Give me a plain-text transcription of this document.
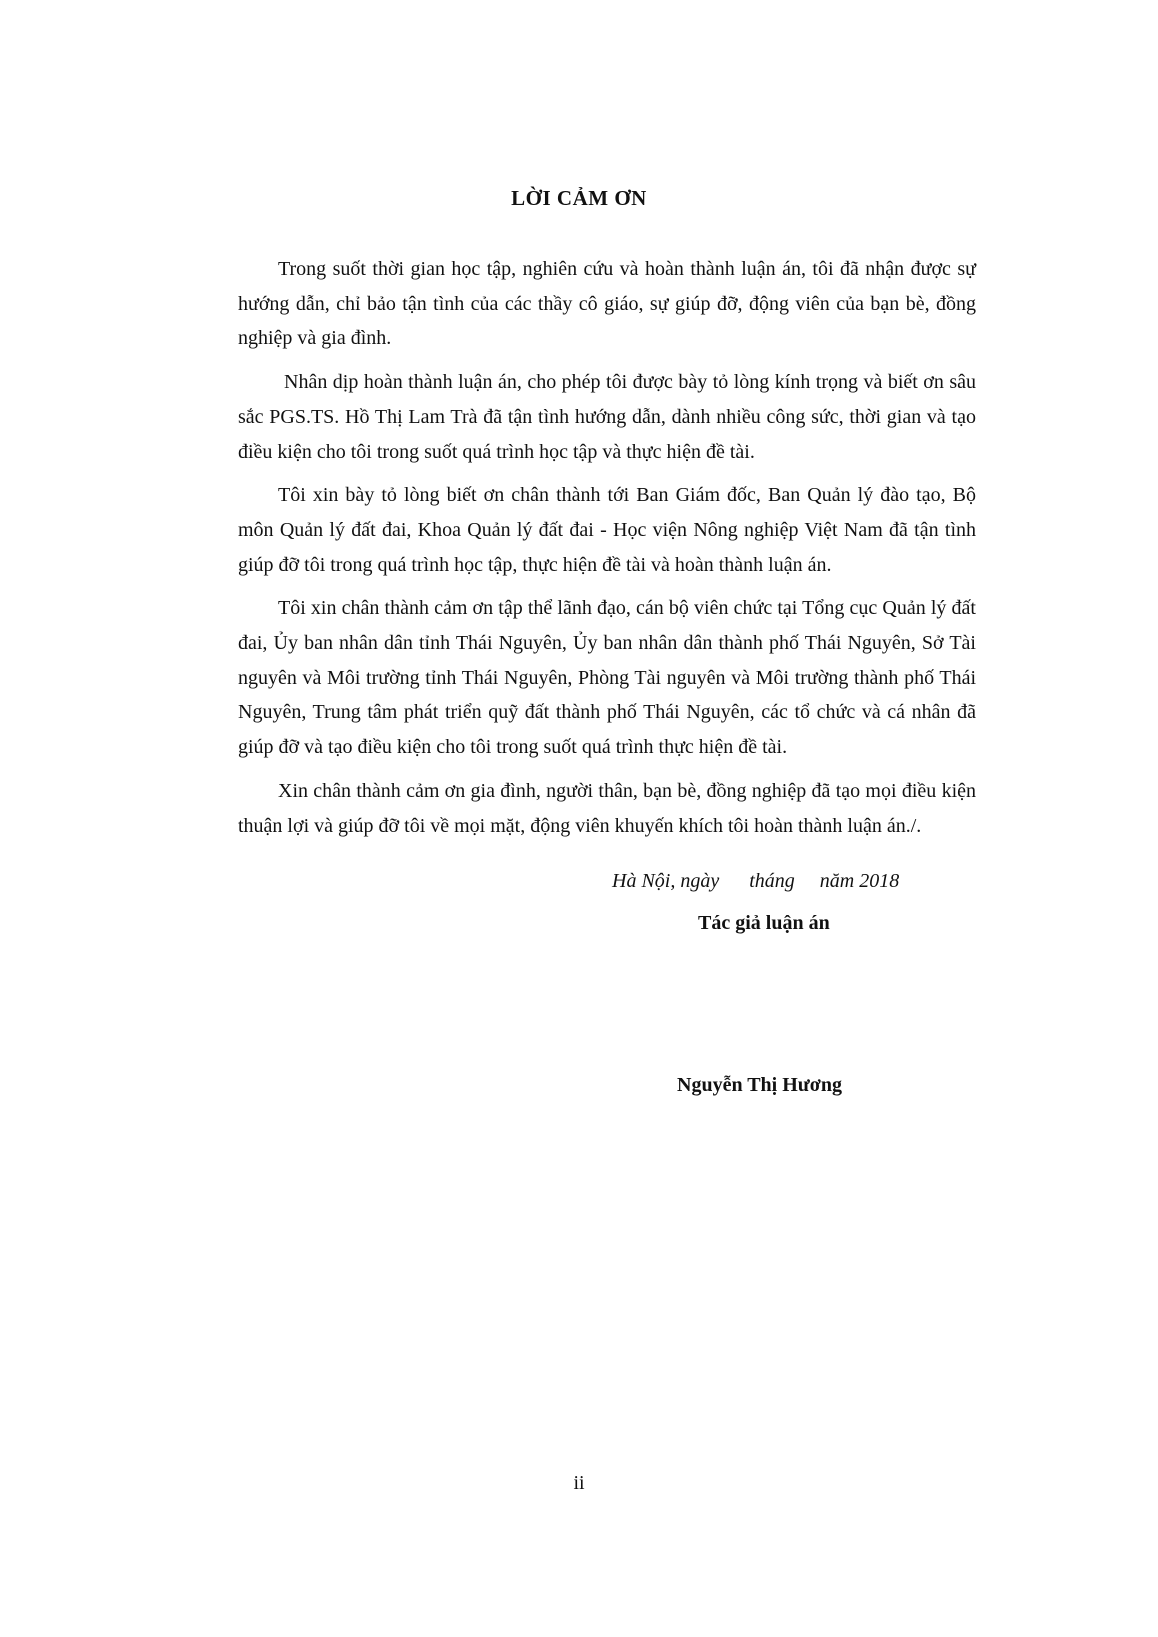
LỜI CẢM ƠN

Trong suốt thời gian học tập, nghiên cứu và hoàn thành luận án, tôi đã nhận được sự hướng dẫn, chỉ bảo tận tình của các thầy cô giáo, sự giúp đỡ, động viên của bạn bè, đồng nghiệp và gia đình.

Nhân dịp hoàn thành luận án, cho phép tôi được bày tỏ lòng kính trọng và biết ơn sâu sắc PGS.TS. Hồ Thị Lam Trà đã tận tình hướng dẫn, dành nhiều công sức, thời gian và tạo điều kiện cho tôi trong suốt quá trình học tập và thực hiện đề tài.

Tôi xin bày tỏ lòng biết ơn chân thành tới Ban Giám đốc, Ban Quản lý đào tạo, Bộ môn Quản lý đất đai, Khoa Quản lý đất đai - Học viện Nông nghiệp Việt Nam đã tận tình giúp đỡ tôi trong quá trình học tập, thực hiện đề tài và hoàn thành luận án.

Tôi xin chân thành cảm ơn tập thể lãnh đạo, cán bộ viên chức tại Tổng cục Quản lý đất đai, Ủy ban nhân dân tỉnh Thái Nguyên, Ủy ban nhân dân thành phố Thái Nguyên, Sở Tài nguyên và Môi trường tỉnh Thái Nguyên, Phòng Tài nguyên và Môi trường thành phố Thái Nguyên, Trung tâm phát triển quỹ đất thành phố Thái Nguyên, các tổ chức và cá nhân đã giúp đỡ và tạo điều kiện cho tôi trong suốt quá trình thực hiện đề tài.

Xin chân thành cảm ơn gia đình, người thân, bạn bè, đồng nghiệp đã tạo mọi điều kiện thuận lợi và giúp đỡ tôi về mọi mặt, động viên khuyến khích tôi hoàn thành luận án./.

Hà Nội, ngày      tháng     năm 2018

Tác giả luận án

Nguyễn Thị Hương

ii
